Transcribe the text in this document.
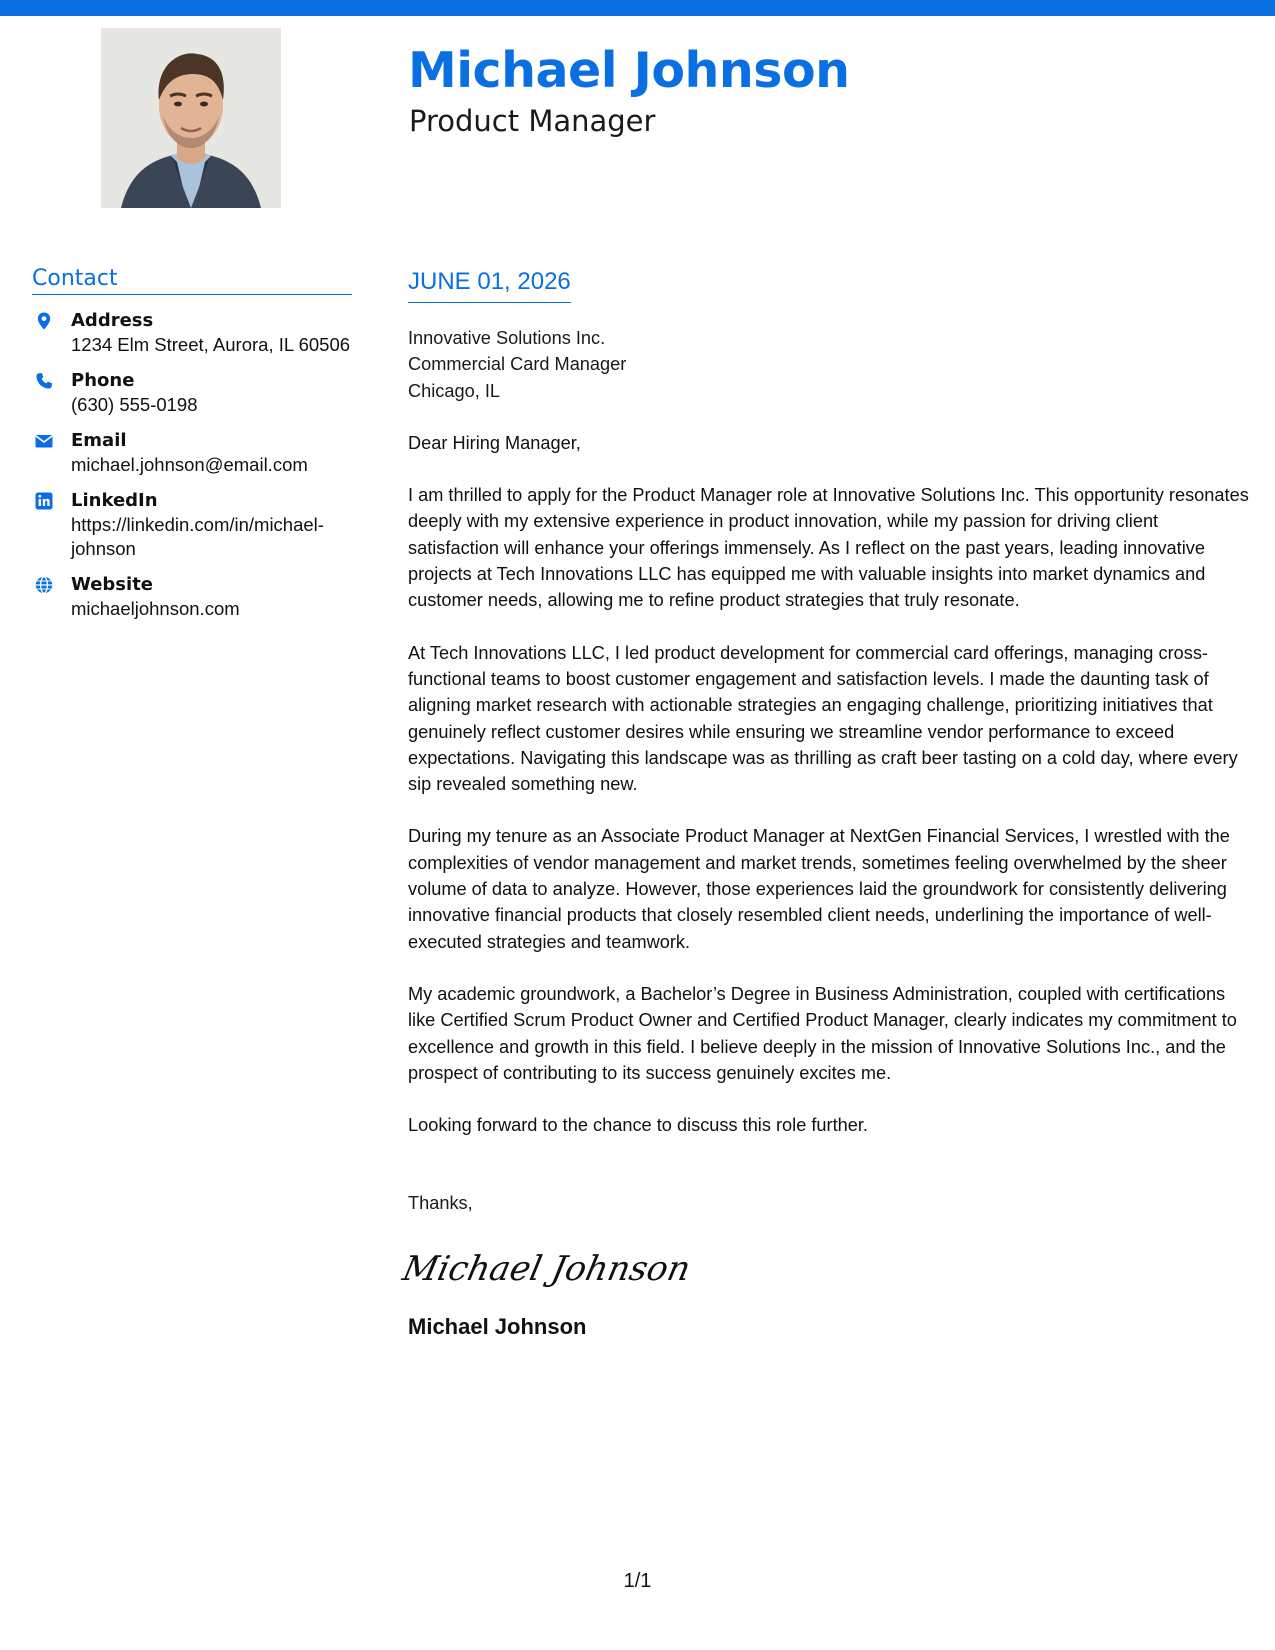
Michael Johnson
Product Manager
Contact
Address
1234 Elm Street, Aurora, IL 60506
Phone
(630) 555-0198
Email
michael.johnson@email.com
LinkedIn
https://linkedin.com/in/michael-johnson
Website
michaeljohnson.com
JUNE 01, 2026
Innovative Solutions Inc.
Commercial Card Manager
Chicago, IL

Dear Hiring Manager,

I am thrilled to apply for the Product Manager role at Innovative Solutions Inc. This opportunity resonates deeply with my extensive experience in product innovation, while my passion for driving client satisfaction will enhance your offerings immensely. As I reflect on the past years, leading innovative projects at Tech Innovations LLC has equipped me with valuable insights into market dynamics and customer needs, allowing me to refine product strategies that truly resonate.

At Tech Innovations LLC, I led product development for commercial card offerings, managing cross-functional teams to boost customer engagement and satisfaction levels. I made the daunting task of aligning market research with actionable strategies an engaging challenge, prioritizing initiatives that genuinely reflect customer desires while ensuring we streamline vendor performance to exceed expectations. Navigating this landscape was as thrilling as craft beer tasting on a cold day, where every sip revealed something new.

During my tenure as an Associate Product Manager at NextGen Financial Services, I wrestled with the complexities of vendor management and market trends, sometimes feeling overwhelmed by the sheer volume of data to analyze. However, those experiences laid the groundwork for consistently delivering innovative financial products that closely resembled client needs, underlining the importance of well-executed strategies and teamwork.

My academic groundwork, a Bachelor’s Degree in Business Administration, coupled with certifications like Certified Scrum Product Owner and Certified Product Manager, clearly indicates my commitment to excellence and growth in this field. I believe deeply in the mission of Innovative Solutions Inc., and the prospect of contributing to its success genuinely excites me.

Looking forward to the chance to discuss this role further.

Thanks,
Michael Johnson
Michael Johnson
1/1
